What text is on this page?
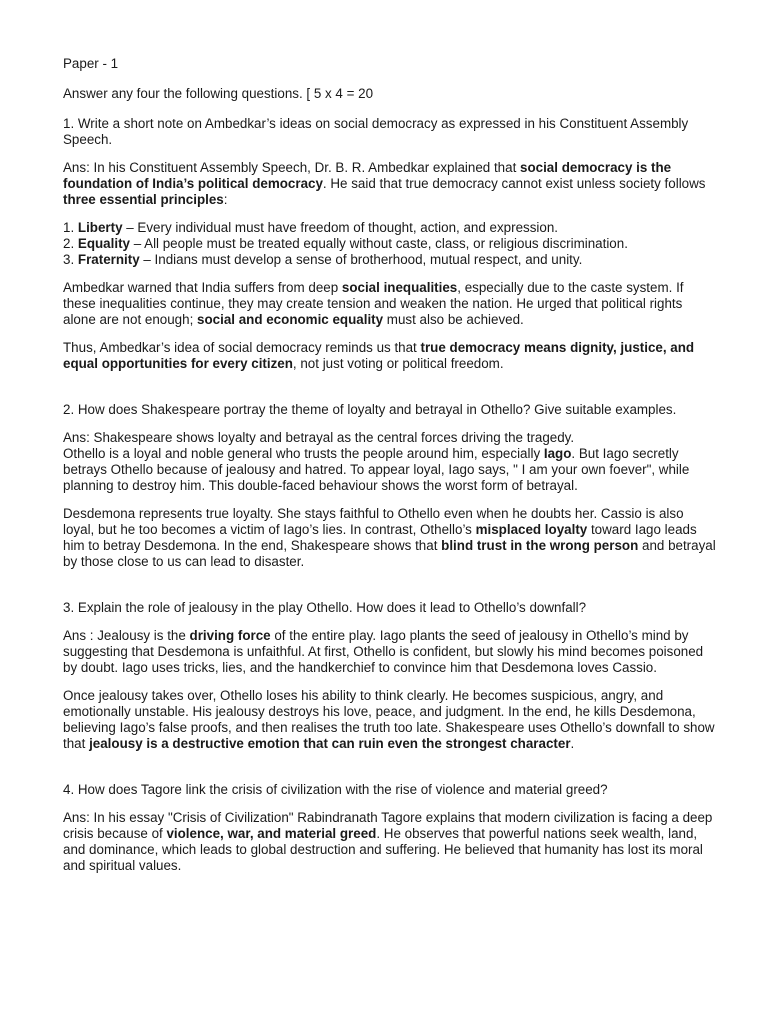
Paper - 1

Answer any four the following questions. [ 5 x 4 = 20

1. Write a short note on Ambedkar’s ideas on social democracy as expressed in his Constituent Assembly Speech.

Ans: In his Constituent Assembly Speech, Dr. B. R. Ambedkar explained that social democracy is the foundation of India’s political democracy. He said that true democracy cannot exist unless society follows three essential principles:

1. Liberty – Every individual must have freedom of thought, action, and expression.

2. Equality – All people must be treated equally without caste, class, or religious discrimination.

3. Fraternity – Indians must develop a sense of brotherhood, mutual respect, and unity.

Ambedkar warned that India suffers from deep social inequalities, especially due to the caste system. If these inequalities continue, they may create tension and weaken the nation. He urged that political rights alone are not enough; social and economic equality must also be achieved.

Thus, Ambedkar’s idea of social democracy reminds us that true democracy means dignity, justice, and equal opportunities for every citizen, not just voting or political freedom.

2. How does Shakespeare portray the theme of loyalty and betrayal in Othello? Give suitable examples.

Ans: Shakespeare shows loyalty and betrayal as the central forces driving the tragedy.

Othello is a loyal and noble general who trusts the people around him, especially Iago. But Iago secretly betrays Othello because of jealousy and hatred. To appear loyal, Iago says, " I am your own foever", while planning to destroy him. This double-faced behaviour shows the worst form of betrayal.

Desdemona represents true loyalty. She stays faithful to Othello even when he doubts her. Cassio is also loyal, but he too becomes a victim of Iago’s lies. In contrast, Othello’s misplaced loyalty toward Iago leads him to betray Desdemona. In the end, Shakespeare shows that blind trust in the wrong person and betrayal by those close to us can lead to disaster.

3. Explain the role of jealousy in the play Othello. How does it lead to Othello’s downfall?

Ans : Jealousy is the driving force of the entire play. Iago plants the seed of jealousy in Othello’s mind by suggesting that Desdemona is unfaithful. At first, Othello is confident, but slowly his mind becomes poisoned by doubt. Iago uses tricks, lies, and the handkerchief to convince him that Desdemona loves Cassio.

Once jealousy takes over, Othello loses his ability to think clearly. He becomes suspicious, angry, and emotionally unstable. His jealousy destroys his love, peace, and judgment. In the end, he kills Desdemona, believing Iago’s false proofs, and then realises the truth too late. Shakespeare uses Othello’s downfall to show that jealousy is a destructive emotion that can ruin even the strongest character.

4. How does Tagore link the crisis of civilization with the rise of violence and material greed?

Ans: In his essay "Crisis of Civilization" Rabindranath Tagore explains that modern civilization is facing a deep crisis because of violence, war, and material greed. He observes that powerful nations seek wealth, land, and dominance, which leads to global destruction and suffering. He believed that humanity has lost its moral and spiritual values.
